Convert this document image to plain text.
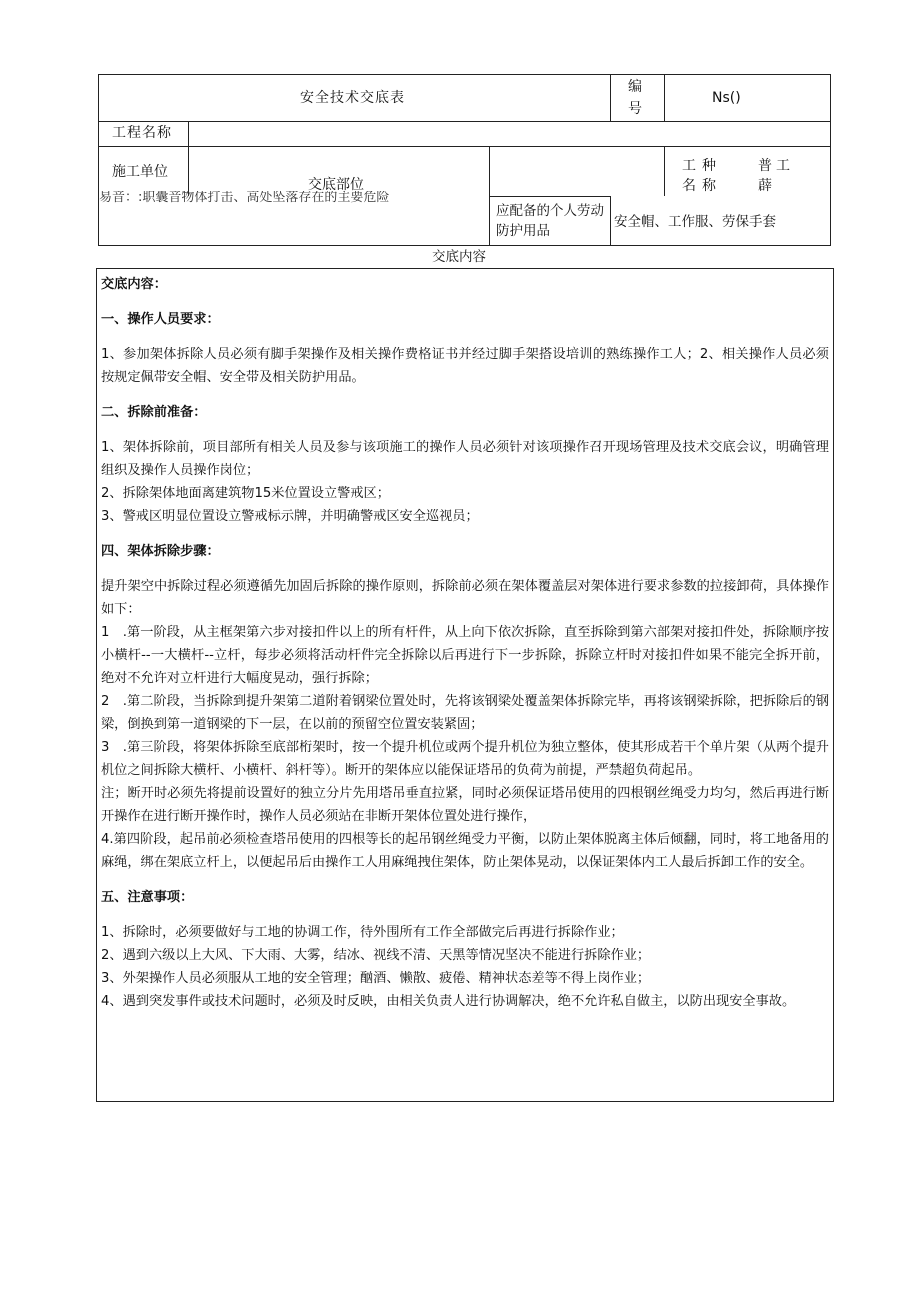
安全技术交底表
编
号
Ns()
工程名称
施工单位
交底部位
工种
名称
普工
薜
易音：:职囊音物体打击、高处坠落存在的主要危险
应配备的个人劳动防护用品
安全帽、工作服、劳保手套
交底内容

交底内容：

一、操作人员要求：

1、参加架体拆除人员必须有脚手架操作及相关操作费格证书并经过脚手架搭设培训的熟练操作工人；2、相关操作人员必须按规定佩带安全帽、安全带及相关防护用品。

二、拆除前准备：

1、架体拆除前，项目部所有相关人员及参与该项施工的操作人员必须针对该项操作召开现场管理及技术交底会议，明确管理组织及操作人员操作岗位；

2、拆除架体地面离建筑物15米位置设立警戒区；

3、警戒区明显位置设立警戒标示牌，并明确警戒区安全巡视员；

四、架体拆除步骤：

提升架空中拆除过程必须遵循先加固后拆除的操作原则，拆除前必须在架体覆盖层对架体进行要求参数的拉接卸荷，具体操作如下：

1　.第一阶段，从主框架第六步对接扣件以上的所有杆件，从上向下依次拆除，直至拆除到第六部架对接扣件处，拆除顺序按小横杆--一大横杆--立杆，每步必须将活动杆件完全拆除以后再进行下一步拆除，拆除立杆时对接扣件如果不能完全拆开前，绝对不允许对立杆进行大幅度晃动，强行拆除；

2　.第二阶段，当拆除到提升架第二道附着钢梁位置处时，先将该钢梁处覆盖架体拆除完毕，再将该钢梁拆除，把拆除后的钢梁，倒换到第一道钢梁的下一层，在以前的预留空位置安装紧固；

3　.第三阶段，将架体拆除至底部桁架时，按一个提升机位或两个提升机位为独立整体，使其形成若干个单片架（从两个提升机位之间拆除大横杆、小横杆、斜杆等）。断开的架体应以能保证塔吊的负荷为前提，严禁超负荷起吊。

注；断开时必须先将提前设置好的独立分片先用塔吊垂直拉紧，同时必须保证塔吊使用的四根钢丝绳受力均匀，然后再进行断开操作在进行断开操作时，操作人员必须站在非断开架体位置处进行操作，

4.第四阶段，起吊前必须检查塔吊使用的四根等长的起吊钢丝绳受力平衡，以防止架体脱离主体后倾翻，同时，将工地备用的麻绳，绑在架底立杆上，以便起吊后由操作工人用麻绳拽住架体，防止架体晃动，以保证架体内工人最后拆卸工作的安全。

五、注意事项：

1、拆除时，必须要做好与工地的协调工作，待外围所有工作全部做完后再进行拆除作业；

2、遇到六级以上大风、下大雨、大雾，结冰、视线不清、天黑等情况坚决不能进行拆除作业；

3、外架操作人员必须服从工地的安全管理；酗酒、懒散、疲倦、精神状态差等不得上岗作业；

4、遇到突发事件或技术问题时，必须及时反映，由相关负责人进行协调解决，绝不允许私自做主，以防出现安全事故。
